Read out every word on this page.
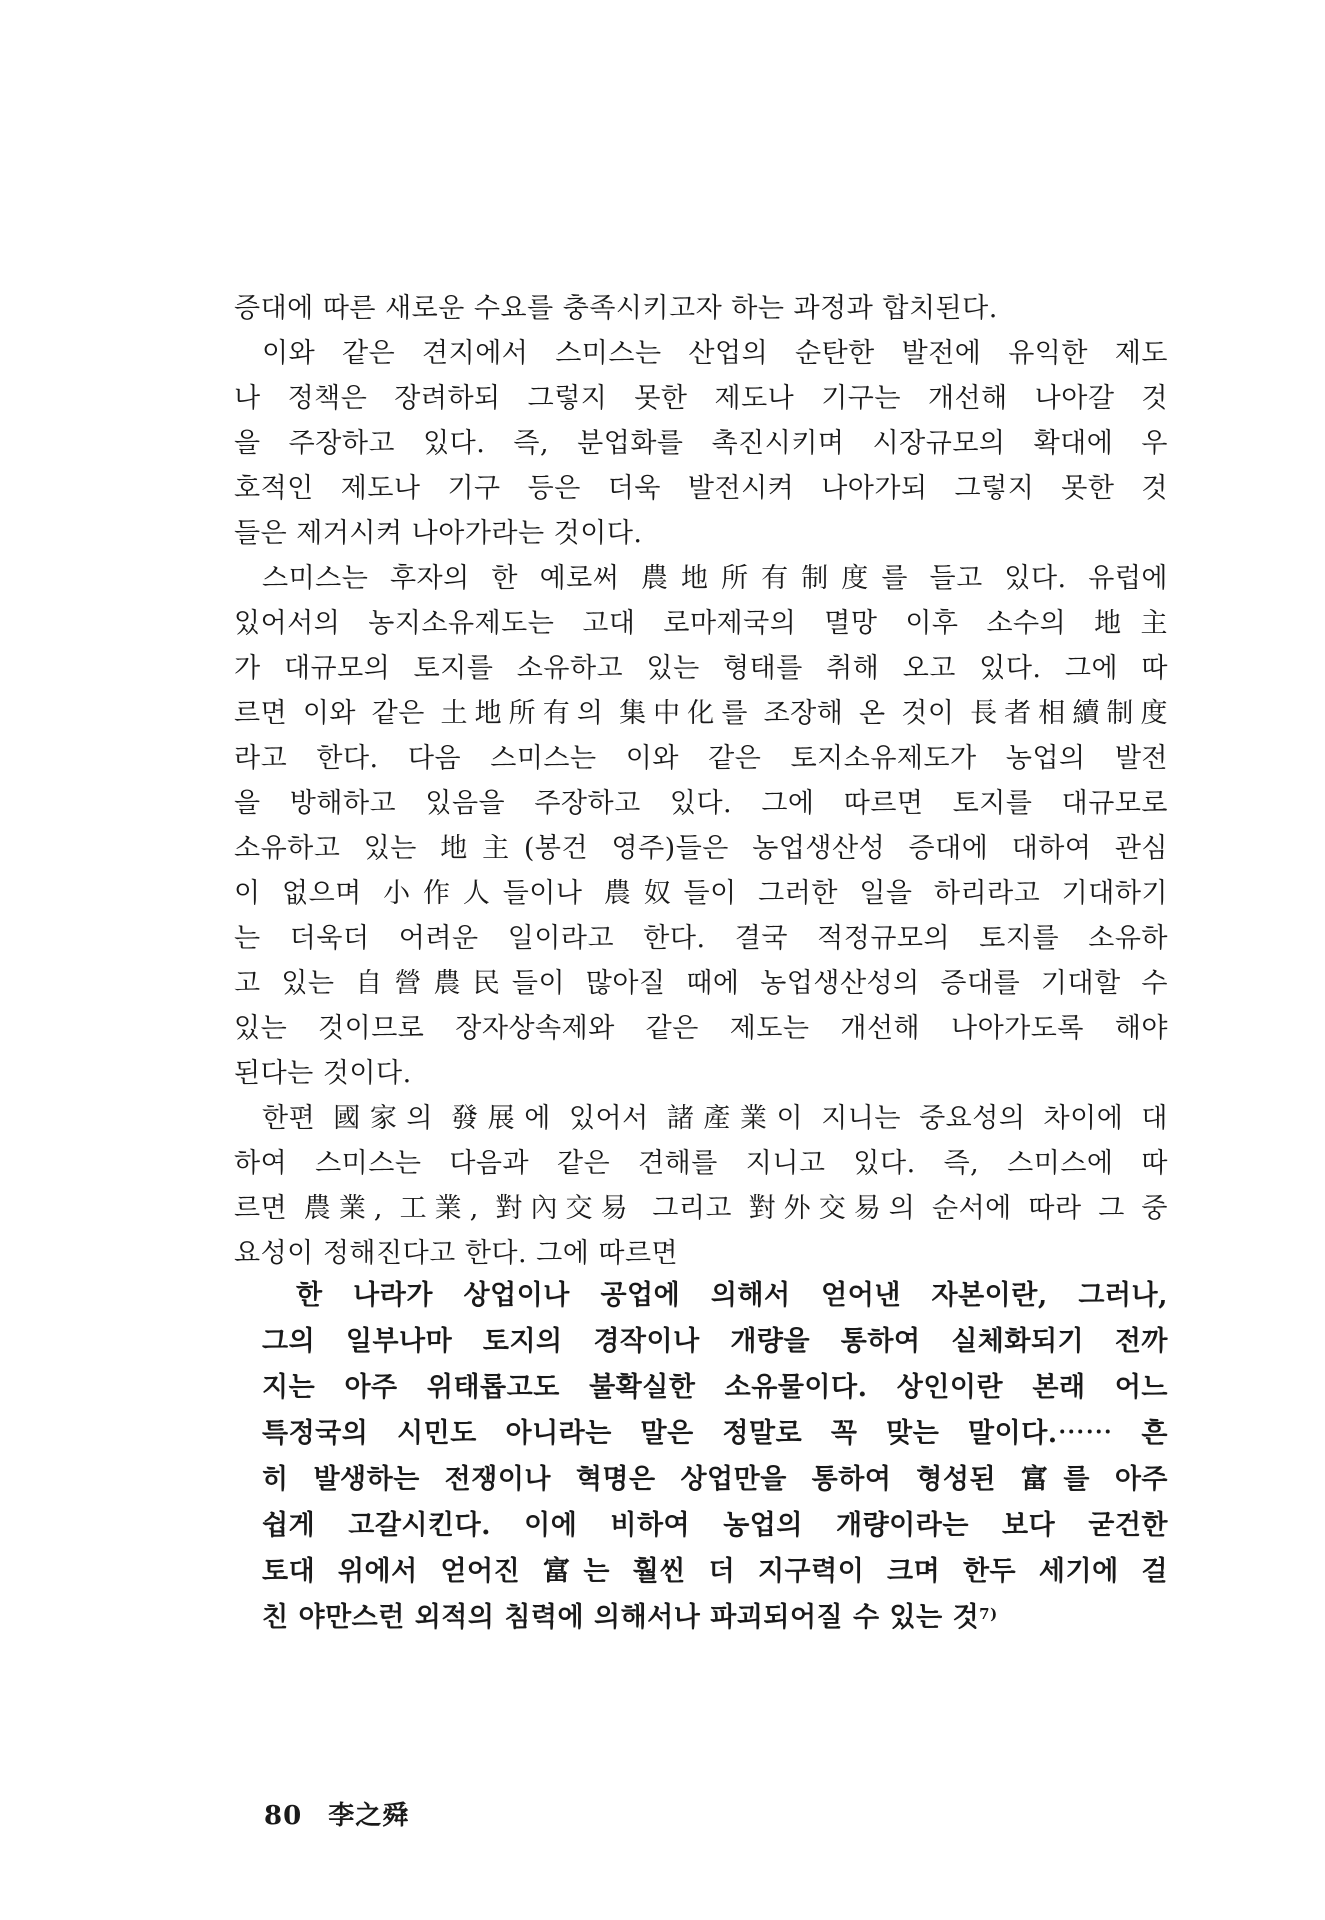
증대에 따른 새로운 수요를 충족시키고자 하는 과정과 합치된다.
이와 같은 견지에서 스미스는 산업의 순탄한 발전에 유익한 제도
나 정책은 장려하되 그렇지 못한 제도나 기구는 개선해 나아갈 것
을 주장하고 있다. 즉, 분업화를 촉진시키며 시장규모의 확대에 우
호적인 제도나 기구 등은 더욱 발전시켜 나아가되 그렇지 못한 것
들은 제거시켜 나아가라는 것이다.
스미스는 후자의 한 예로써 農地所有制度를 들고 있다. 유럽에
있어서의 농지소유제도는 고대 로마제국의 멸망 이후 소수의 地主
가 대규모의 토지를 소유하고 있는 형태를 취해 오고 있다. 그에 따
르면 이와 같은 土地所有의 集中化를 조장해 온 것이 長者相續制度
라고 한다. 다음 스미스는 이와 같은 토지소유제도가 농업의 발전
을 방해하고 있음을 주장하고 있다. 그에 따르면 토지를 대규모로
소유하고 있는 地主(봉건 영주)들은 농업생산성 증대에 대하여 관심
이 없으며 小作人들이나 農奴들이 그러한 일을 하리라고 기대하기
는 더욱더 어려운 일이라고 한다. 결국 적정규모의 토지를 소유하
고 있는 自營農民들이 많아질 때에 농업생산성의 증대를 기대할 수
있는 것이므로 장자상속제와 같은 제도는 개선해 나아가도록 해야
된다는 것이다.
한편 國家의 發展에 있어서 諸產業이 지니는 중요성의 차이에 대
하여 스미스는 다음과 같은 견해를 지니고 있다. 즉, 스미스에 따
르면 農業, 工業, 對內交易 그리고 對外交易의 순서에 따라 그 중
요성이 정해진다고 한다. 그에 따르면
한 나라가 상업이나 공업에 의해서 얻어낸 자본이란, 그러나,
그의 일부나마 토지의 경작이나 개량을 통하여 실체화되기 전까
지는 아주 위태롭고도 불확실한 소유물이다. 상인이란 본래 어느
특정국의 시민도 아니라는 말은 정말로 꼭 맞는 말이다.⋯⋯ 흔
히 발생하는 전쟁이나 혁명은 상업만을 통하여 형성된 富를 아주
쉽게 고갈시킨다. 이에 비하여 농업의 개량이라는 보다 굳건한
토대 위에서 얻어진 富는 훨씬 더 지구력이 크며 한두 세기에 걸
친 야만스런 외적의 침력에 의해서나 파괴되어질 수 있는 것$^{7)}$
80 李之舜
